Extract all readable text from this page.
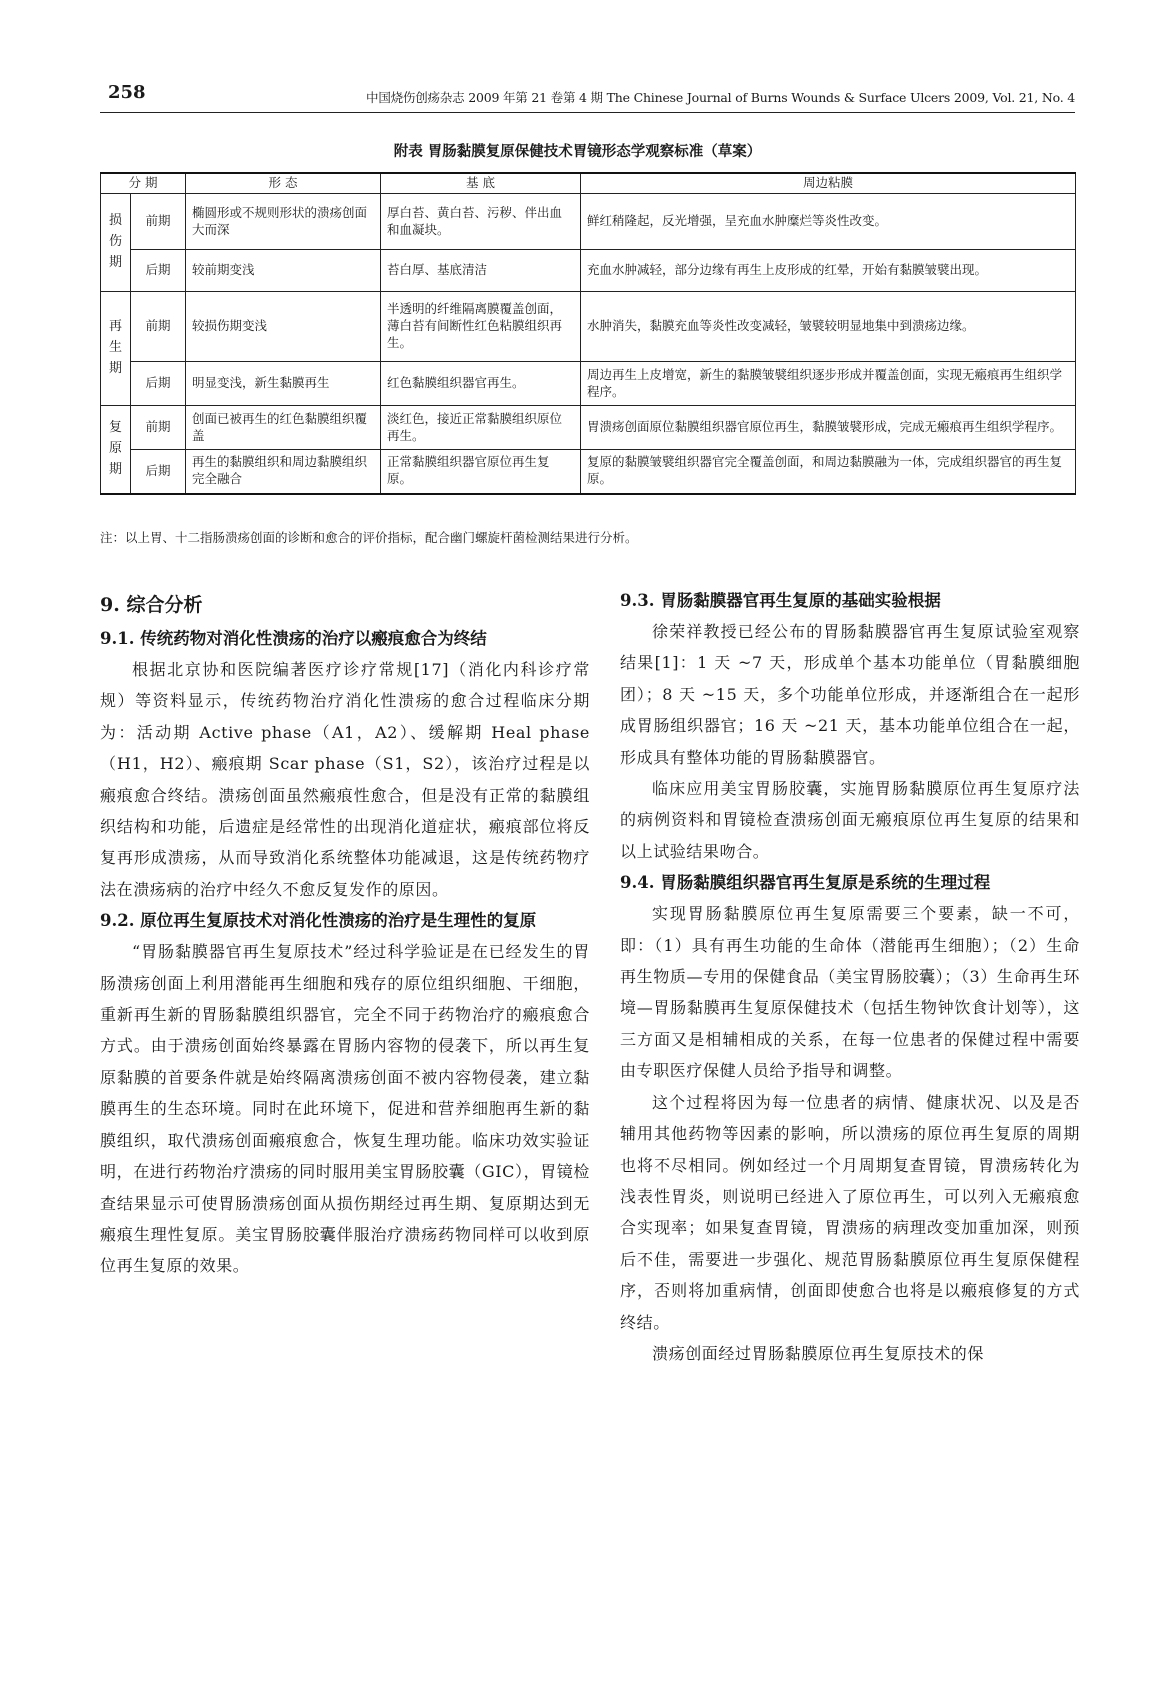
258	中国烧伤创疡杂志 2009 年第 21 卷第 4 期 The Chinese Journal of Burns Wounds & Surface Ulcers 2009, Vol. 21, No. 4
附表 胃肠黏膜复原保健技术胃镜形态学观察标准（草案）
分 期		形 态	基 底	周边粘膜
损伤期	前期	椭圆形或不规则形状的溃疡创面大而深	厚白苔、黄白苔、污秽、伴出血和血凝块。	鲜红稍隆起，反光增强，呈充血水肿糜烂等炎性改变。
	后期	较前期变浅	苔白厚、基底清洁	充血水肿减轻，部分边缘有再生上皮形成的红晕，开始有黏膜皱襞出现。
再生期	前期	较损伤期变浅	半透明的纤维隔离膜覆盖创面，薄白苔有间断性红色粘膜组织再生。	水肿消失，黏膜充血等炎性改变减轻，皱襞较明显地集中到溃疡边缘。
	后期	明显变浅，新生黏膜再生	红色黏膜组织器官再生。	周边再生上皮增宽，新生的黏膜皱襞组织逐步形成并覆盖创面，实现无瘢痕再生组织学程序。
复原期	前期	创面已被再生的红色黏膜组织覆盖	淡红色，接近正常黏膜组织原位再生。	胃溃疡创面原位黏膜组织器官原位再生，黏膜皱襞形成，完成无瘢痕再生组织学程序。
	后期	再生的黏膜组织和周边黏膜组织完全融合	正常黏膜组织器官原位再生复原。	复原的黏膜皱襞组织器官完全覆盖创面，和周边黏膜融为一体，完成组织器官的再生复原。
注：以上胃、十二指肠溃疡创面的诊断和愈合的评价指标，配合幽门螺旋杆菌检测结果进行分析。
9. 综合分析

9.1. 传统药物对消化性溃疡的治疗以瘢痕愈合为终结

根据北京协和医院编著医疗诊疗常规[17]（消化内科诊疗常规）等资料显示，传统药物治疗消化性溃疡的愈合过程临床分期为：活动期 Active phase（A1，A2）、缓解期 Heal phase（H1，H2）、瘢痕期 Scar phase（S1，S2），该治疗过程是以瘢痕愈合终结。溃疡创面虽然瘢痕性愈合，但是没有正常的黏膜组织结构和功能，后遗症是经常性的出现消化道症状，瘢痕部位将反复再形成溃疡，从而导致消化系统整体功能减退，这是传统药物疗法在溃疡病的治疗中经久不愈反复发作的原因。

9.2. 原位再生复原技术对消化性溃疡的治疗是生理性的复原

“胃肠黏膜器官再生复原技术”经过科学验证是在已经发生的胃肠溃疡创面上利用潜能再生细胞和残存的原位组织细胞、干细胞，重新再生新的胃肠黏膜组织器官，完全不同于药物治疗的瘢痕愈合方式。由于溃疡创面始终暴露在胃肠内容物的侵袭下，所以再生复原黏膜的首要条件就是始终隔离溃疡创面不被内容物侵袭，建立黏膜再生的生态环境。同时在此环境下，促进和营养细胞再生新的黏膜组织，取代溃疡创面瘢痕愈合，恢复生理功能。临床功效实验证明，在进行药物治疗溃疡的同时服用美宝胃肠胶囊（GIC），胃镜检查结果显示可使胃肠溃疡创面从损伤期经过再生期、复原期达到无瘢痕生理性复原。美宝胃肠胶囊伴服治疗溃疡药物同样可以收到原位再生复原的效果。

9.3. 胃肠黏膜器官再生复原的基础实验根据

徐荣祥教授已经公布的胃肠黏膜器官再生复原试验室观察结果[1]：1 天 ~7 天，形成单个基本功能单位（胃黏膜细胞团）；8 天 ~15 天，多个功能单位形成，并逐渐组合在一起形成胃肠组织器官；16 天 ~21 天，基本功能单位组合在一起，形成具有整体功能的胃肠黏膜器官。

临床应用美宝胃肠胶囊，实施胃肠黏膜原位再生复原疗法的病例资料和胃镜检查溃疡创面无瘢痕原位再生复原的结果和以上试验结果吻合。

9.4. 胃肠黏膜组织器官再生复原是系统的生理过程

实现胃肠黏膜原位再生复原需要三个要素，缺一不可，即：（1）具有再生功能的生命体（潜能再生细胞）；（2）生命再生物质—专用的保健食品（美宝胃肠胶囊）；（3）生命再生环境—胃肠黏膜再生复原保健技术（包括生物钟饮食计划等），这三方面又是相辅相成的关系，在每一位患者的保健过程中需要由专职医疗保健人员给予指导和调整。

这个过程将因为每一位患者的病情、健康状况、以及是否辅用其他药物等因素的影响，所以溃疡的原位再生复原的周期也将不尽相同。例如经过一个月周期复查胃镜，胃溃疡转化为浅表性胃炎，则说明已经进入了原位再生，可以列入无瘢痕愈合实现率；如果复查胃镜，胃溃疡的病理改变加重加深，则预后不佳，需要进一步强化、规范胃肠黏膜原位再生复原保健程序，否则将加重病情，创面即使愈合也将是以瘢痕修复的方式终结。

溃疡创面经过胃肠黏膜原位再生复原技术的保
